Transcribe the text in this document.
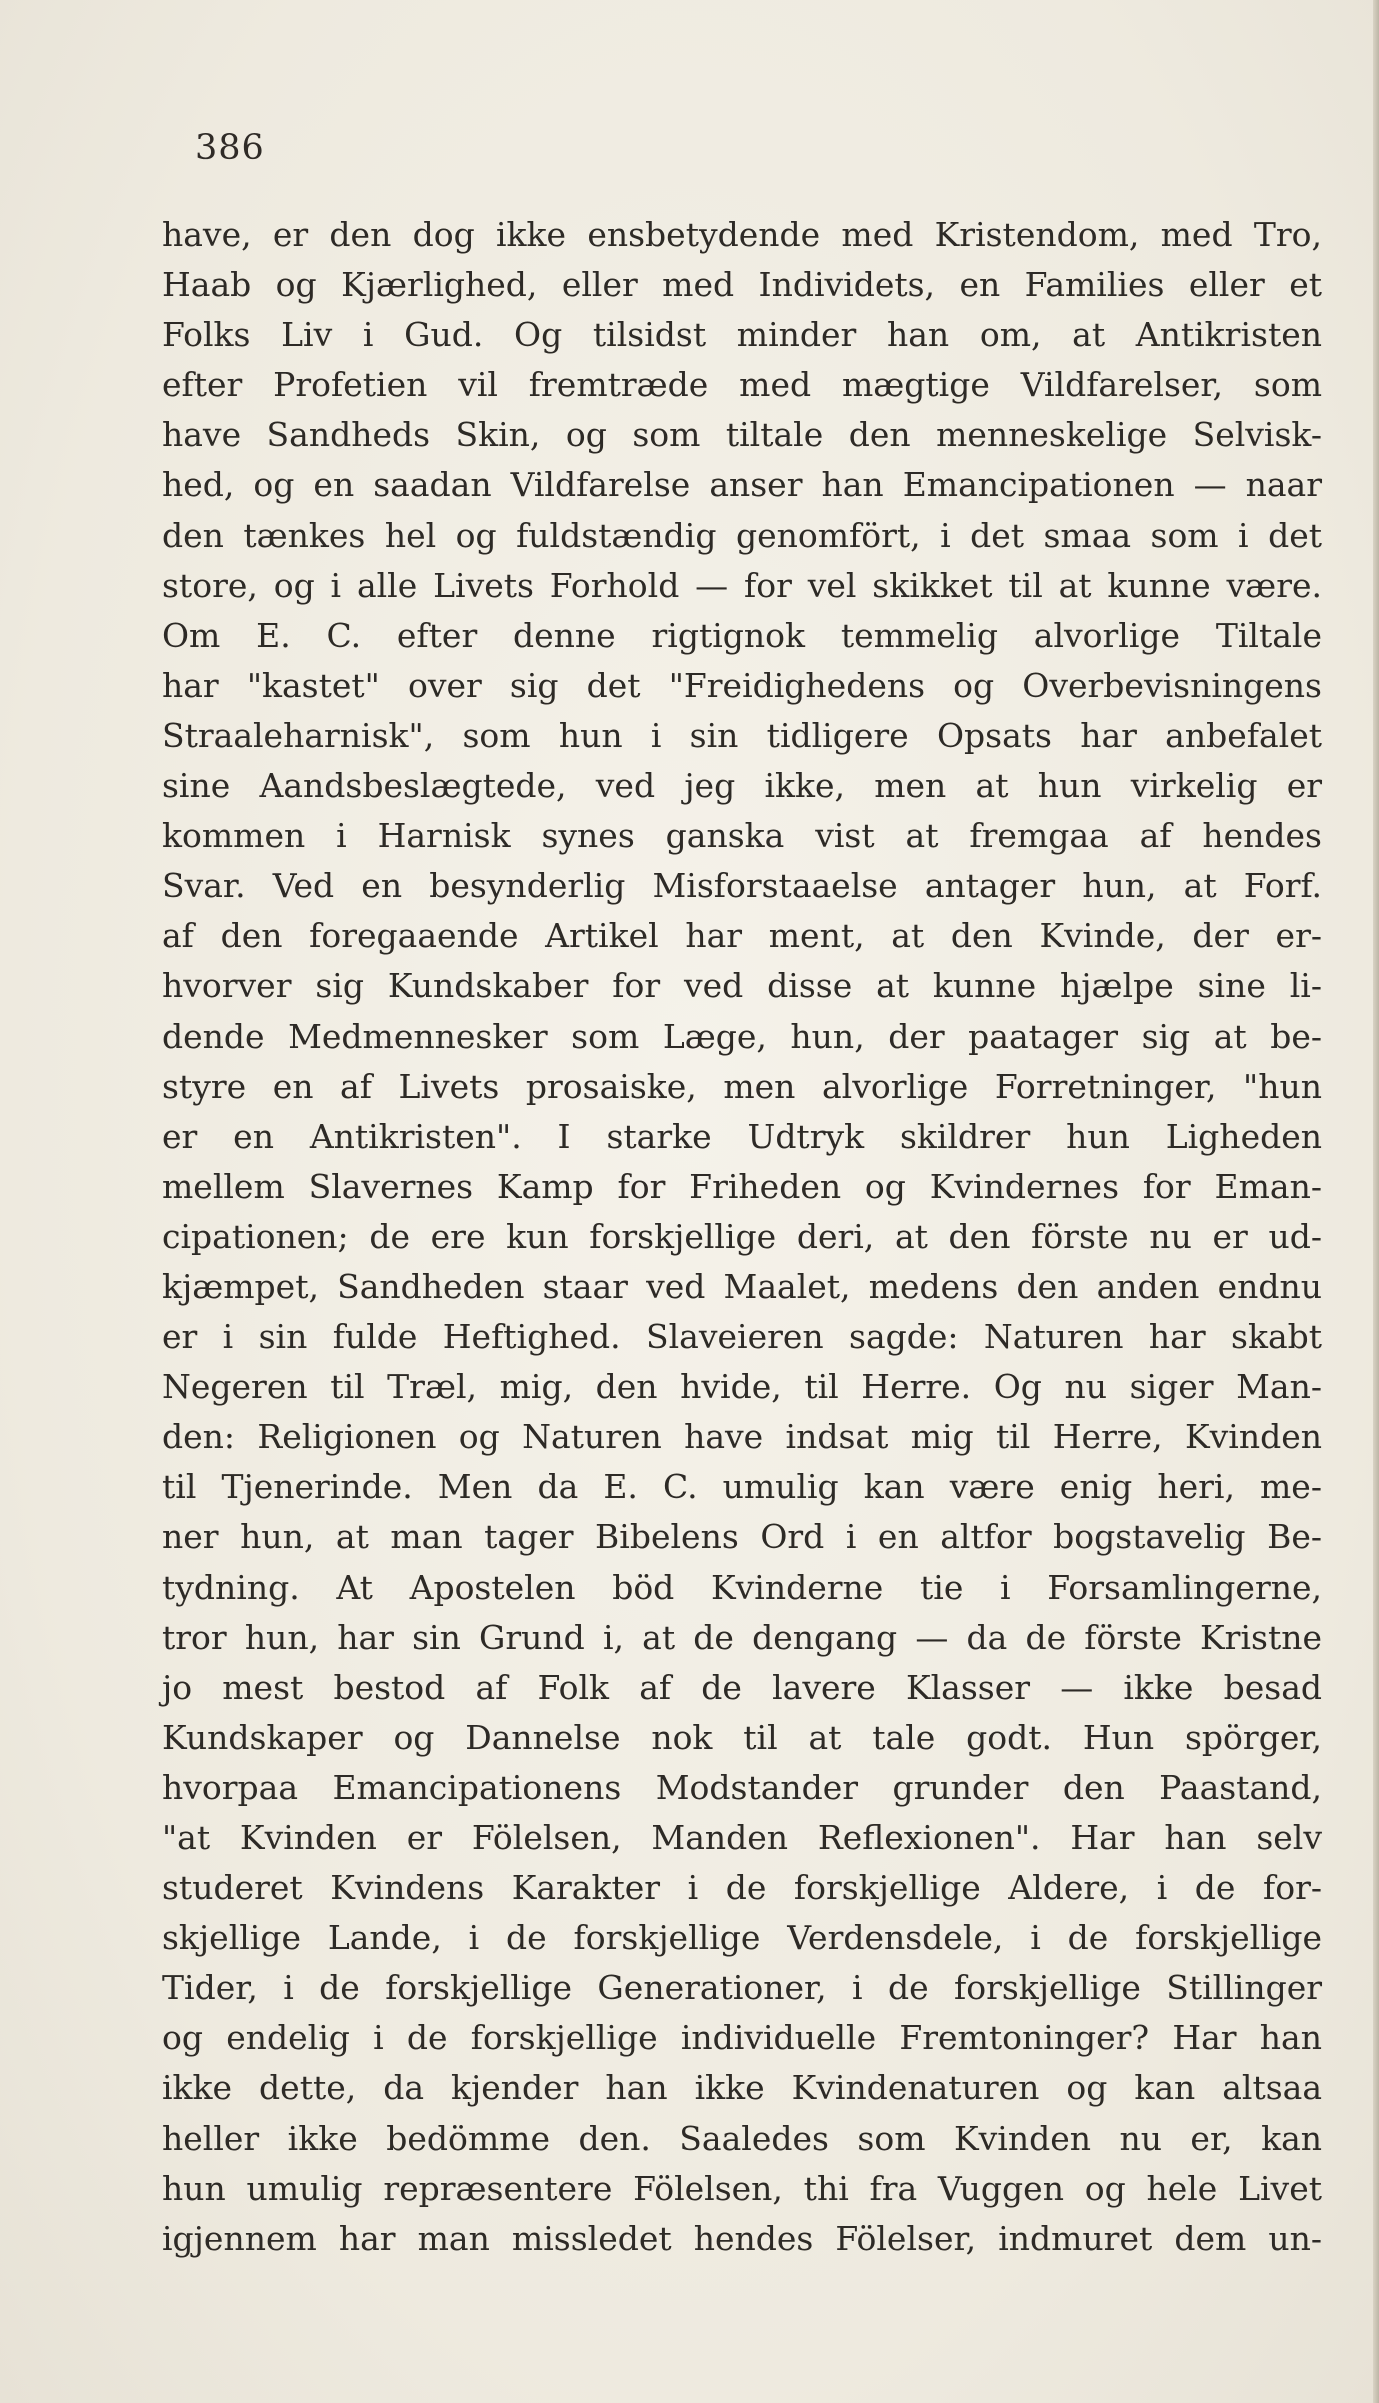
386
have, er den dog ikke ensbetydende med Kristendom, med Tro,
Haab og Kjærlighed, eller med Individets, en Families eller et
Folks Liv i Gud. Og tilsidst minder han om, at Antikristen
efter Profetien vil fremtræde med mægtige Vildfarelser, som
have Sandheds Skin, og som tiltale den menneskelige Selvisk-
hed, og en saadan Vildfarelse anser han Emancipationen — naar
den tænkes hel og fuldstændig genomfört, i det smaa som i det
store, og i alle Livets Forhold — for vel skikket til at kunne være.
Om E. C. efter denne rigtignok temmelig alvorlige Tiltale
har "kastet" over sig det "Freidighedens og Overbevisningens
Straaleharnisk", som hun i sin tidligere Opsats har anbefalet
sine Aandsbeslægtede, ved jeg ikke, men at hun virkelig er
kommen i Harnisk synes ganska vist at fremgaa af hendes
Svar. Ved en besynderlig Misforstaaelse antager hun, at Forf.
af den foregaaende Artikel har ment, at den Kvinde, der er-
hvorver sig Kundskaber for ved disse at kunne hjælpe sine li-
dende Medmennesker som Læge, hun, der paatager sig at be-
styre en af Livets prosaiske, men alvorlige Forretninger, "hun
er en Antikristen". I starke Udtryk skildrer hun Ligheden
mellem Slavernes Kamp for Friheden og Kvindernes for Eman-
cipationen; de ere kun forskjellige deri, at den förste nu er ud-
kjæmpet, Sandheden staar ved Maalet, medens den anden endnu
er i sin fulde Heftighed. Slaveieren sagde: Naturen har skabt
Negeren til Træl, mig, den hvide, til Herre. Og nu siger Man-
den: Religionen og Naturen have indsat mig til Herre, Kvinden
til Tjenerinde. Men da E. C. umulig kan være enig heri, me-
ner hun, at man tager Bibelens Ord i en altfor bogstavelig Be-
tydning. At Apostelen böd Kvinderne tie i Forsamlingerne,
tror hun, har sin Grund i, at de dengang — da de förste Kristne
jo mest bestod af Folk af de lavere Klasser — ikke besad
Kundskaper og Dannelse nok til at tale godt. Hun spörger,
hvorpaa Emancipationens Modstander grunder den Paastand,
"at Kvinden er Fölelsen, Manden Reflexionen". Har han selv
studeret Kvindens Karakter i de forskjellige Aldere, i de for-
skjellige Lande, i de forskjellige Verdensdele, i de forskjellige
Tider, i de forskjellige Generationer, i de forskjellige Stillinger
og endelig i de forskjellige individuelle Fremtoninger? Har han
ikke dette, da kjender han ikke Kvindenaturen og kan altsaa
heller ikke bedömme den. Saaledes som Kvinden nu er, kan
hun umulig repræsentere Fölelsen, thi fra Vuggen og hele Livet
igjennem har man missledet hendes Fölelser, indmuret dem un-
